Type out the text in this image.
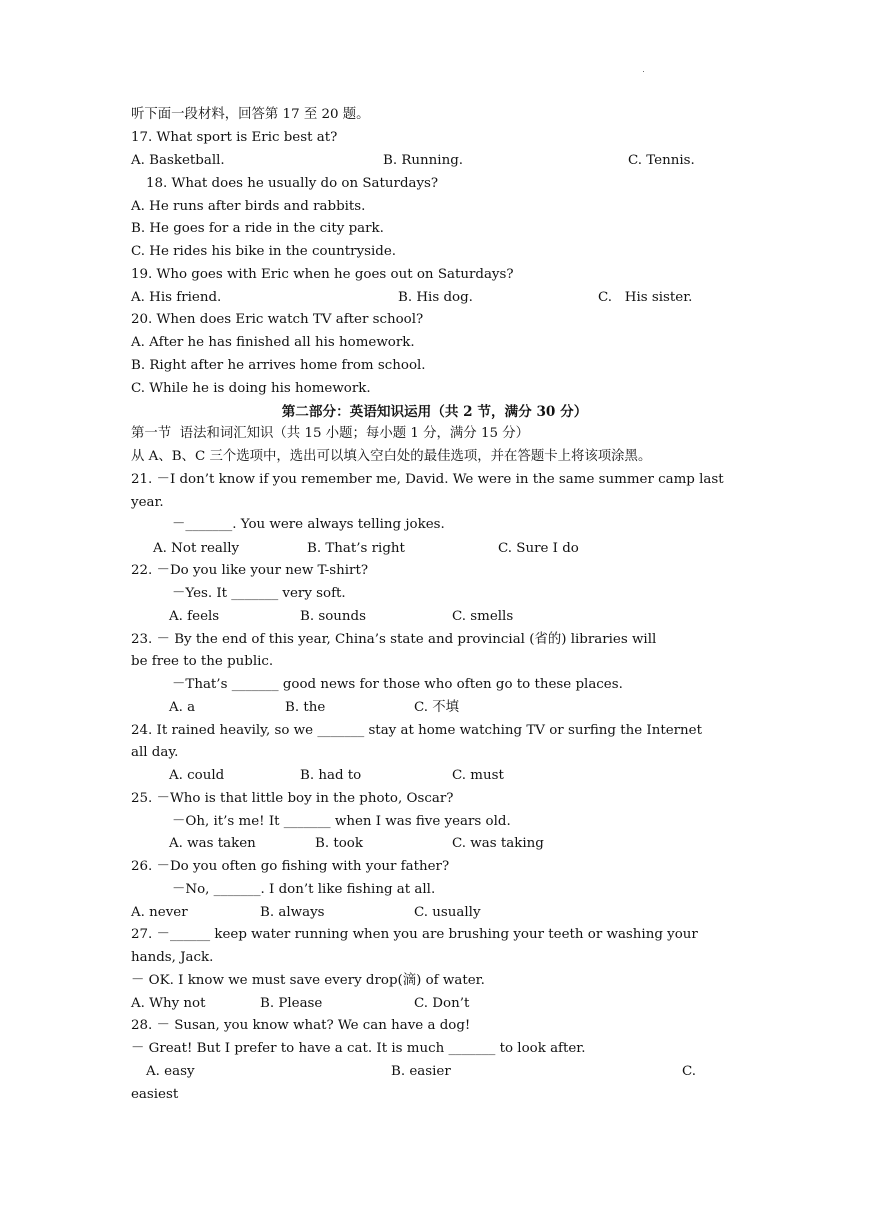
·
听下面一段材料，回答第 17 至 20 题。
17. What sport is Eric best at?
A. Basketball.	B. Running.	C. Tennis.
18. What does he usually do on Saturdays?
A. He runs after birds and rabbits.
B. He goes for a ride in the city park.
C. He rides his bike in the countryside.
19. Who goes with Eric when he goes out on Saturdays?
A. His friend.	B. His dog.	C.   His sister.
20. When does Eric watch TV after school?
A. After he has finished all his homework.
B. Right after he arrives home from school.
C. While he is doing his homework.
第二部分：英语知识运用（共 2 节，满分 30 分）
第一节  语法和词汇知识（共 15 小题；每小题 1 分，满分 15 分）
从 A、B、C 三个选项中，选出可以填入空白处的最佳选项，并在答题卡上将该项涂黑。
21. －I don’t know if you remember me, David. We were in the same summer camp last
year.
－_______. You were always telling jokes.
A. Not really	B. That’s right	C. Sure I do
22. －Do you like your new T-shirt?
－Yes. It _______ very soft.
A. feels	B. sounds	C. smells
23. － By the end of this year, China’s state and provincial (省的) libraries will
be free to the public.
－That’s _______ good news for those who often go to these places.
A. a	B. the	C. 不填
24. It rained heavily, so we _______ stay at home watching TV or surfing the Internet
all day.
A. could	B. had to	C. must
25. －Who is that little boy in the photo, Oscar?
－Oh, it’s me! It _______ when I was five years old.
A. was taken	B. took	C. was taking
26. －Do you often go fishing with your father?
－No, _______. I don’t like fishing at all.
A. never	B. always	C. usually
27. －______ keep water running when you are brushing your teeth or washing your
hands, Jack.
－ OK. I know we must save every drop(滴) of water.
A. Why not	B. Please	C. Don’t
28. － Susan, you know what? We can have a dog!
－ Great! But I prefer to have a cat. It is much _______ to look after.
A. easy	B. easier	C.
easiest
